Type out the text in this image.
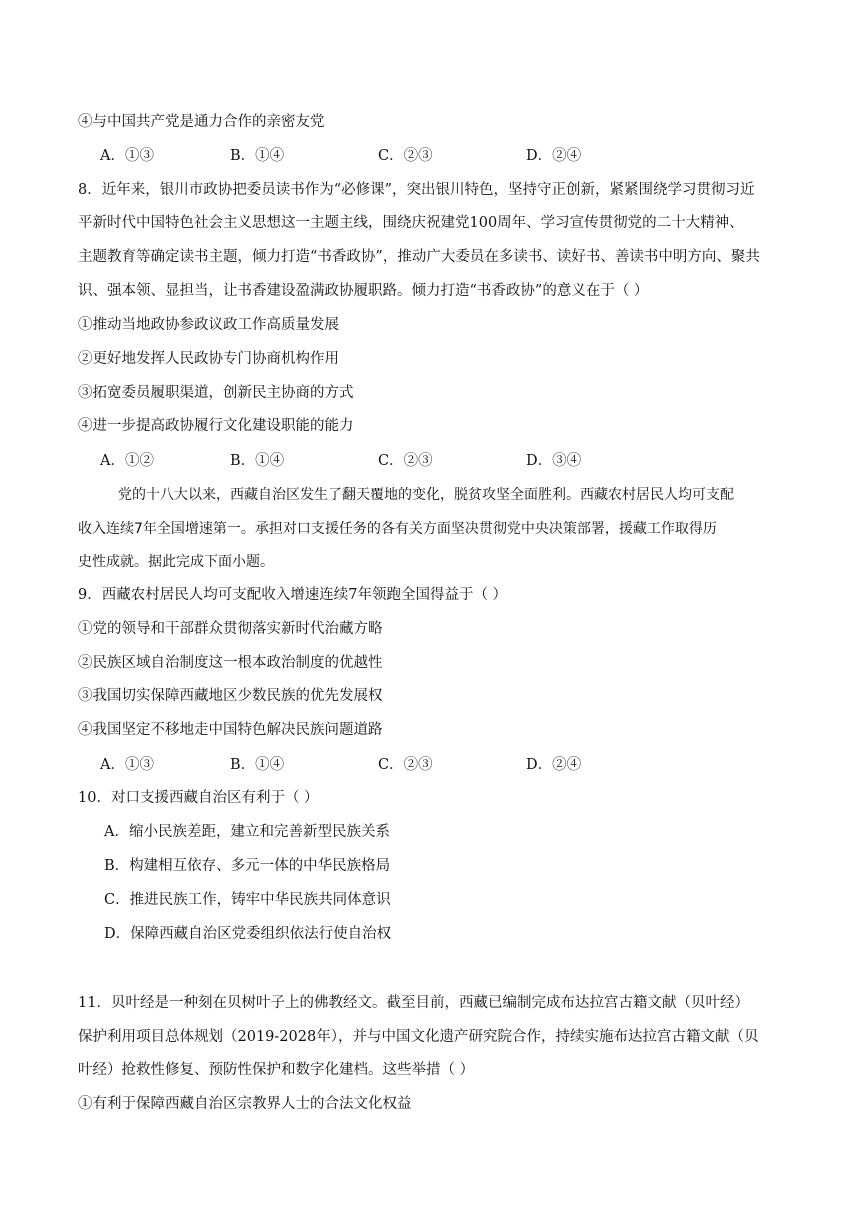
④与中国共产党是通力合作的亲密友党
A．①③	B．①④	C．②③	D．②④
8．近年来，银川市政协把委员读书作为“必修课”，突出银川特色，坚持守正创新，紧紧围绕学习贯彻习近
平新时代中国特色社会主义思想这一主题主线，围绕庆祝建党100周年、学习宣传贯彻党的二十大精神、
主题教育等确定读书主题，倾力打造“书香政协”，推动广大委员在多读书、读好书、善读书中明方向、聚共
识、强本领、显担当，让书香建设盈满政协履职路。倾力打造“书香政协”的意义在于（ ）
①推动当地政协参政议政工作高质量发展
②更好地发挥人民政协专门协商机构作用
③拓宽委员履职渠道，创新民主协商的方式
④进一步提高政协履行文化建设职能的能力
A．①②	B．①④	C．②③	D．③④
党的十八大以来，西藏自治区发生了翻天覆地的变化，脱贫攻坚全面胜利。西藏农村居民人均可支配
收入连续7年全国增速第一。承担对口支援任务的各有关方面坚决贯彻党中央决策部署，援藏工作取得历
史性成就。据此完成下面小题。
9．西藏农村居民人均可支配收入增速连续7年领跑全国得益于（ ）
①党的领导和干部群众贯彻落实新时代治藏方略
②民族区域自治制度这一根本政治制度的优越性
③我国切实保障西藏地区少数民族的优先发展权
④我国坚定不移地走中国特色解决民族问题道路
A．①③	B．①④	C．②③	D．②④
10．对口支援西藏自治区有利于（ ）
A．缩小民族差距，建立和完善新型民族关系
B．构建相互依存、多元一体的中华民族格局
C．推进民族工作，铸牢中华民族共同体意识
D．保障西藏自治区党委组织依法行使自治权
11．贝叶经是一种刻在贝树叶子上的佛教经文。截至目前，西藏已编制完成布达拉宫古籍文献（贝叶经）
保护利用项目总体规划（2019-2028年），并与中国文化遗产研究院合作，持续实施布达拉宫古籍文献（贝
叶经）抢救性修复、预防性保护和数字化建档。这些举措（ ）
①有利于保障西藏自治区宗教界人士的合法文化权益
